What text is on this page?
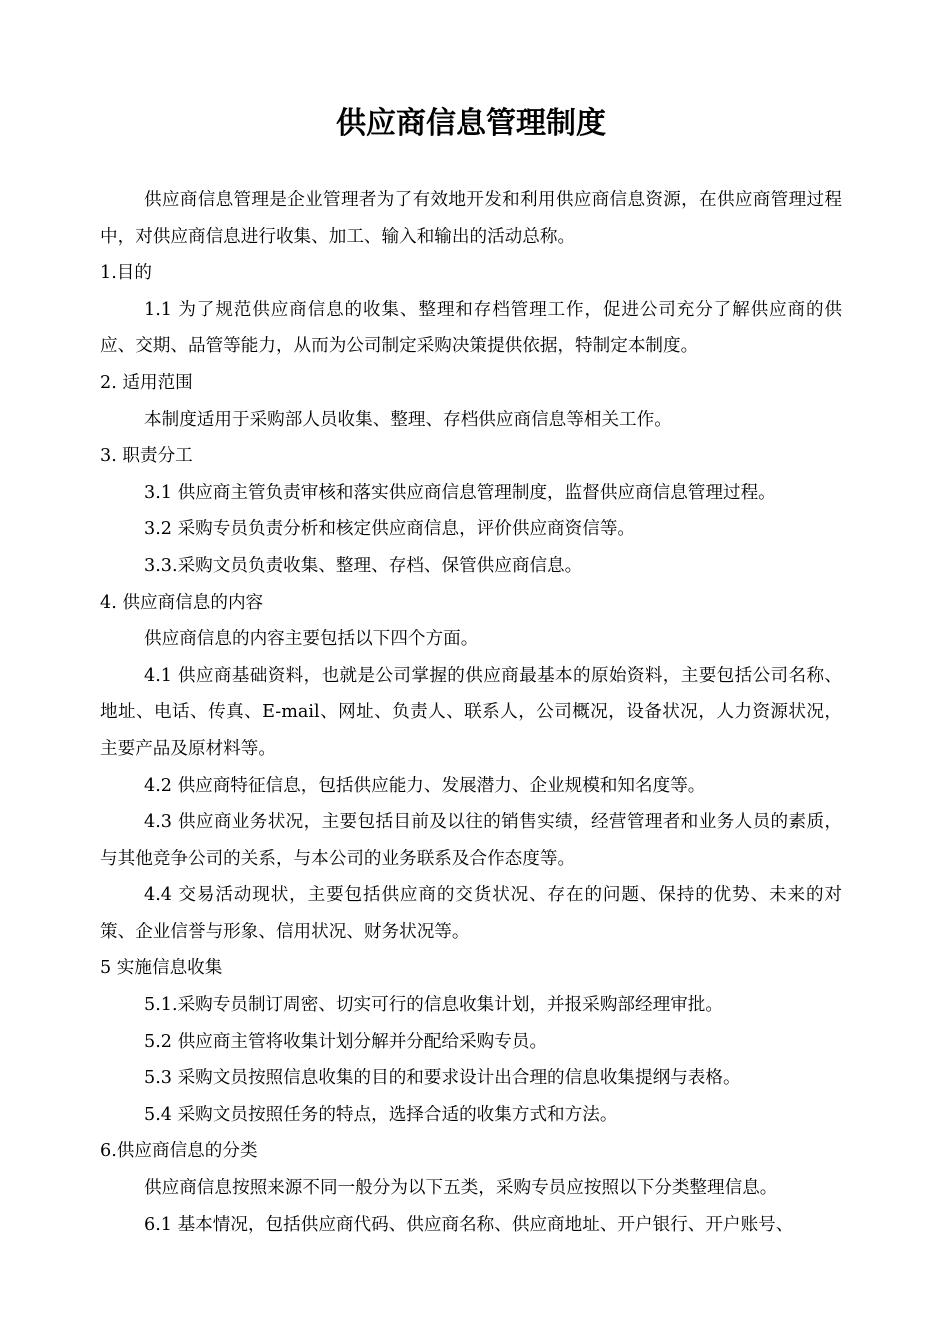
供应商信息管理制度

供应商信息管理是企业管理者为了有效地开发和利用供应商信息资源，在供应商管理过程中，对供应商信息进行收集、加工、输入和输出的活动总称。

1.目的

1.1 为了规范供应商信息的收集、整理和存档管理工作，促进公司充分了解供应商的供应、交期、品管等能力，从而为公司制定采购决策提供依据，特制定本制度。

2. 适用范围

本制度适用于采购部人员收集、整理、存档供应商信息等相关工作。

3. 职责分工

3.1 供应商主管负责审核和落实供应商信息管理制度，监督供应商信息管理过程。

3.2 采购专员负责分析和核定供应商信息，评价供应商资信等。

3.3.采购文员负责收集、整理、存档、保管供应商信息。

4. 供应商信息的内容

供应商信息的内容主要包括以下四个方面。

4.1 供应商基础资料，也就是公司掌握的供应商最基本的原始资料，主要包括公司名称、地址、电话、传真、E-mail、网址、负责人、联系人，公司概况，设备状况，人力资源状况，主要产品及原材料等。

4.2 供应商特征信息，包括供应能力、发展潜力、企业规模和知名度等。

4.3 供应商业务状况，主要包括目前及以往的销售实绩，经营管理者和业务人员的素质，与其他竞争公司的关系，与本公司的业务联系及合作态度等。

4.4 交易活动现状，主要包括供应商的交货状况、存在的问题、保持的优势、未来的对策、企业信誉与形象、信用状况、财务状况等。

5 实施信息收集

5.1.采购专员制订周密、切实可行的信息收集计划，并报采购部经理审批。

5.2 供应商主管将收集计划分解并分配给采购专员。

5.3 采购文员按照信息收集的目的和要求设计出合理的信息收集提纲与表格。

5.4 采购文员按照任务的特点，选择合适的收集方式和方法。

6.供应商信息的分类

供应商信息按照来源不同一般分为以下五类，采购专员应按照以下分类整理信息。

6.1 基本情况，包括供应商代码、供应商名称、供应商地址、开户银行、开户账号、
